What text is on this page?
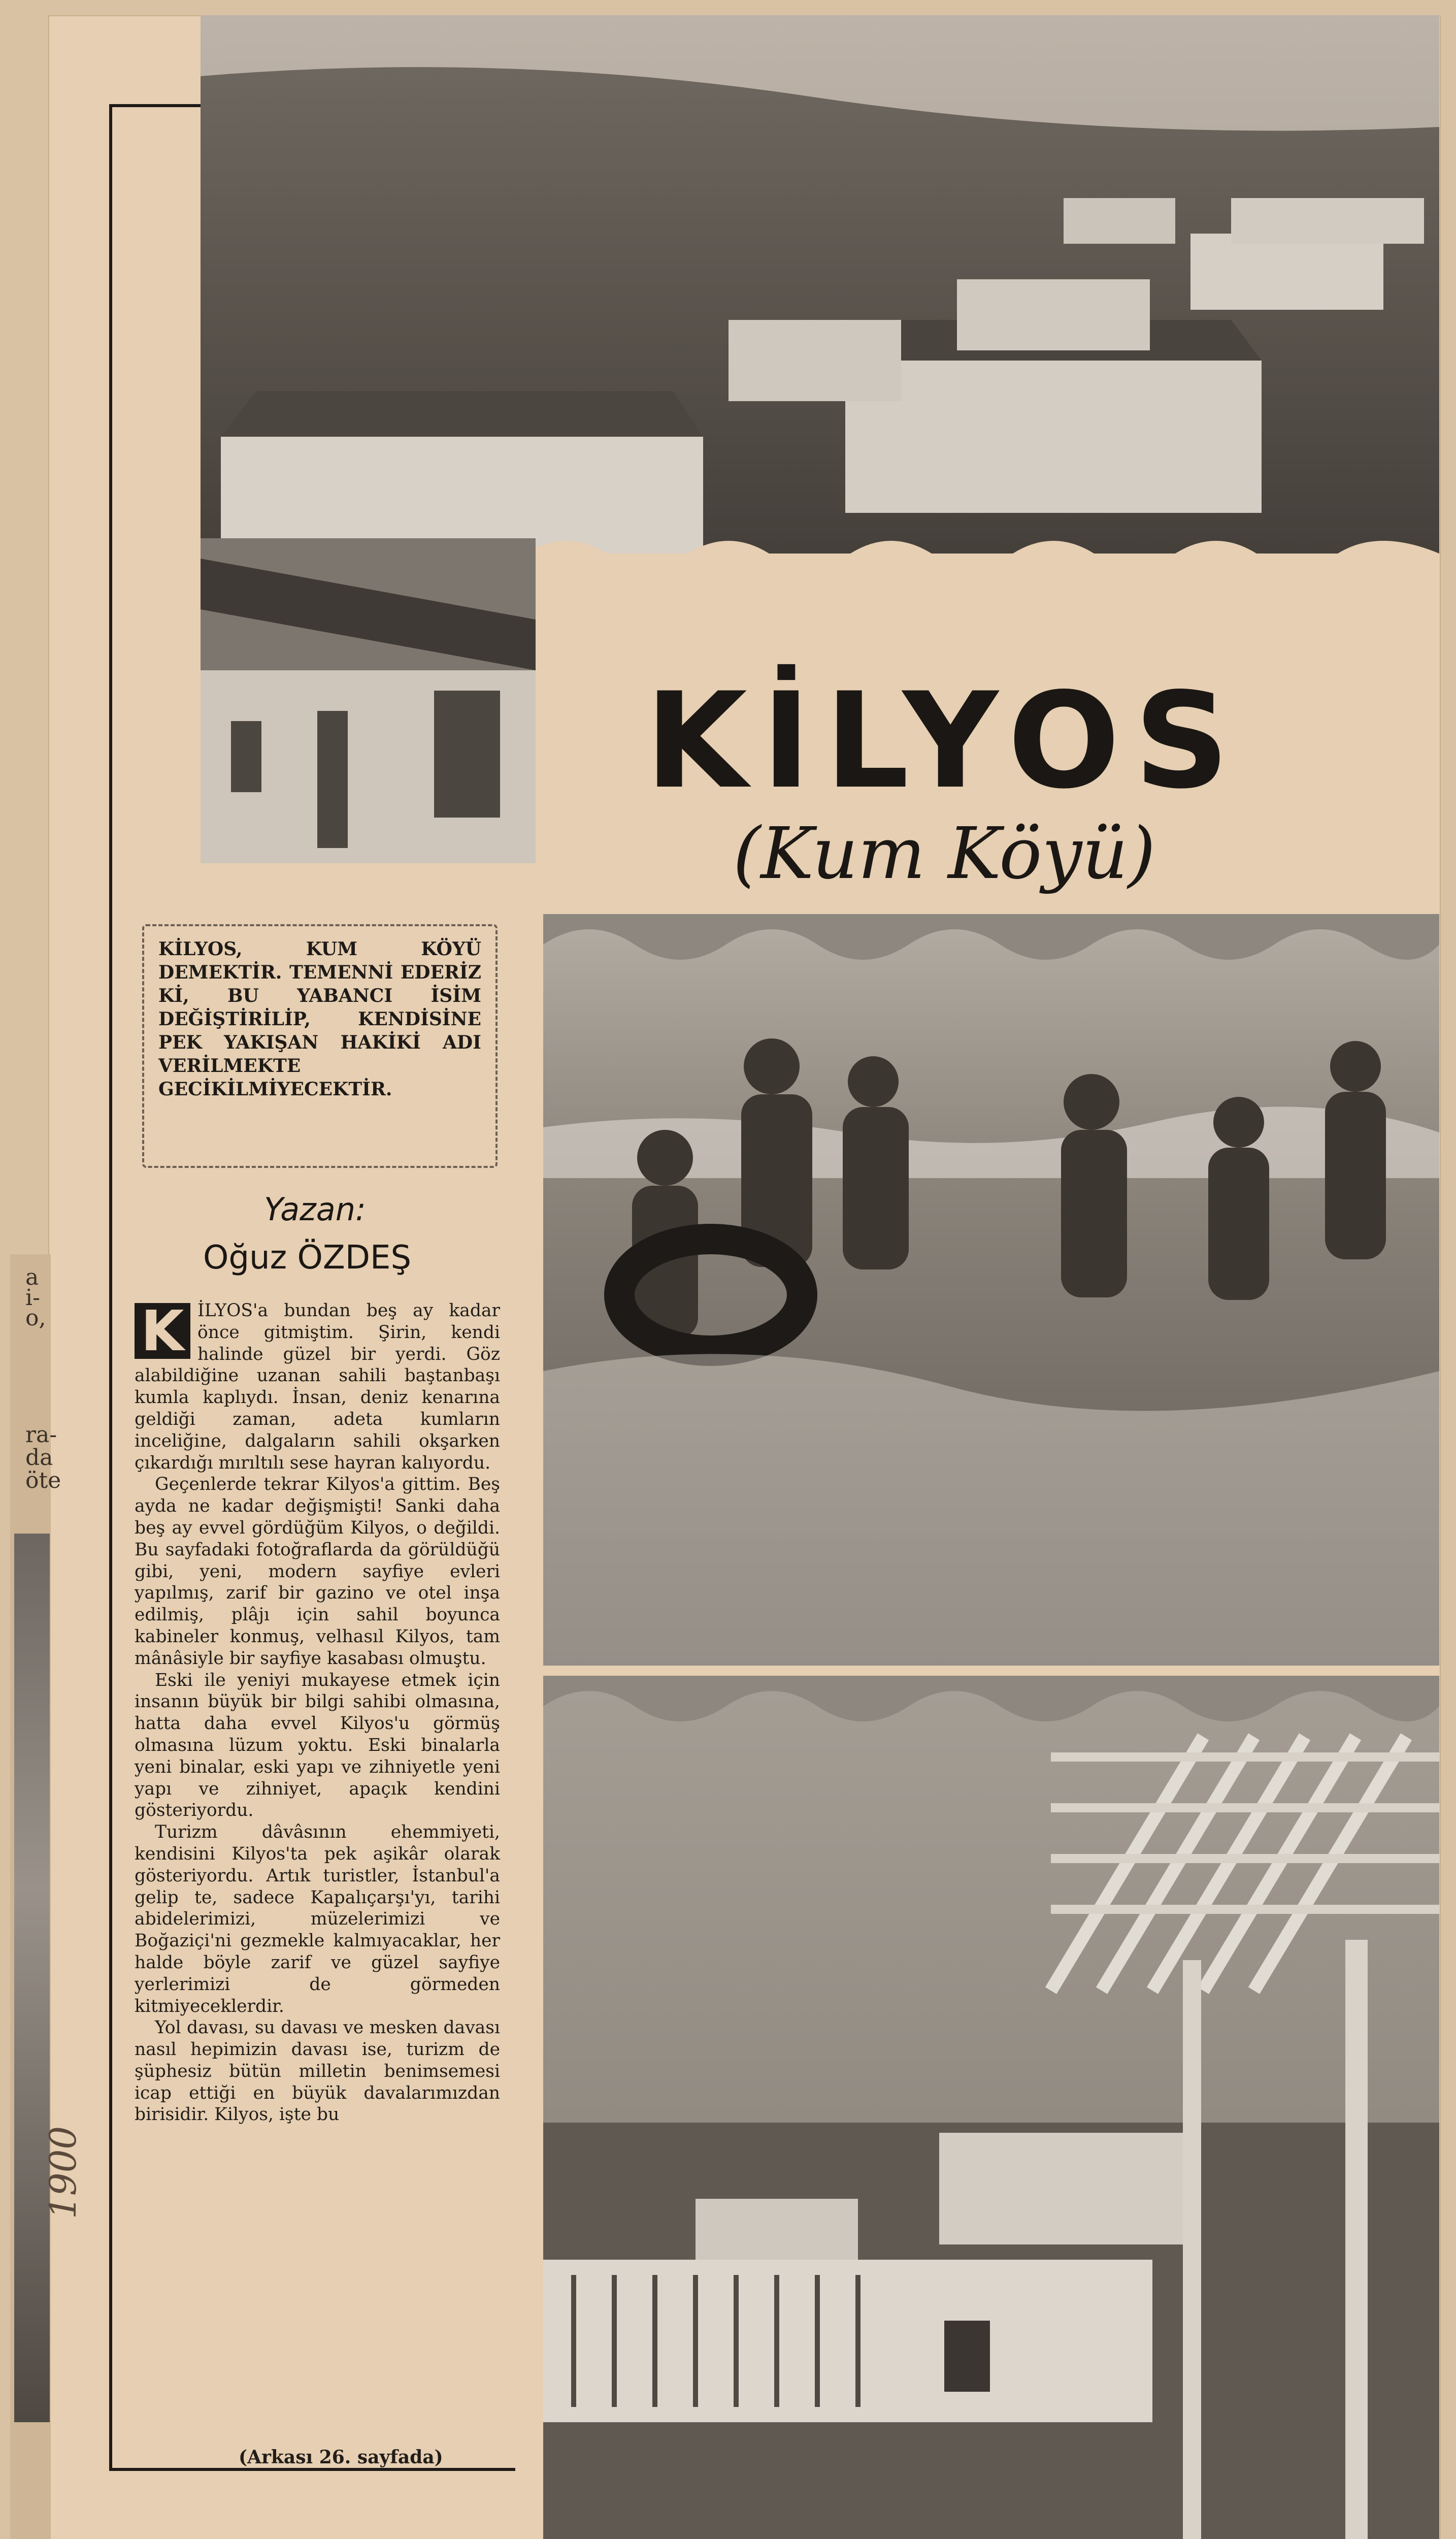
a
i-
o,
ra-
da
öte
KİLYOS
(Kum Köyü)
KİLYOS, KUM KÖYÜ DEMEKTİR. TEMENNİ EDERİZ Kİ, BU YABANCI İSİM DEĞİŞTİRİLİP, KENDİSİNE PEK YAKIŞAN HAKİKİ ADI VERİLMEKTE GECİKİLMİYECEKTİR.
Yazan:
Oğuz ÖZDEŞ

K İLYOS'a bundan beş ay kadar önce gitmiştim. Şirin, kendi halinde güzel bir yerdi. Göz alabildiğine uzanan sahili baştanbaşı kumla kaplıydı. İnsan, deniz kenarına geldiği zaman, adeta kumların inceliğine, dalgaların sahili okşarken çıkardığı mırıltılı sese hayran kalıyordu.

Geçenlerde tekrar Kilyos'a gittim. Beş ayda ne kadar değişmişti! Sanki daha beş ay evvel gördüğüm Kilyos, o değildi. Bu sayfadaki fotoğraflarda da görüldüğü gibi, yeni, modern sayfiye evleri yapılmış, zarif bir gazino ve otel inşa edilmiş, plâjı için sahil boyunca kabineler konmuş, velhasıl Kilyos, tam mânâsiyle bir sayfiye kasabası olmuştu.

Eski ile yeniyi mukayese etmek için insanın büyük bir bilgi sahibi olmasına, hatta daha evvel Kilyos'u görmüş olmasına lüzum yoktu. Eski binalarla yeni binalar, eski yapı ve zihniyetle yeni yapı ve zihniyet, apaçık kendini gösteriyordu.

Turizm dâvâsının ehemmiyeti, kendisini Kilyos'ta pek aşikâr olarak gösteriyordu. Artık turistler, İstanbul'a gelip te, sadece Kapalıçarşı'yı, tarihi abidelerimizi, müzelerimizi ve Boğaziçi'ni gezmekle kalmıyacaklar, her halde böyle zarif ve güzel sayfiye yerlerimizi de görmeden kitmiyeceklerdir.

Yol davası, su davası ve mesken davası nasıl hepimizin davası ise, turizm de şüphesiz bütün milletin benimsemesi icap ettiği en büyük davalarımızdan birisidir. Kilyos, işte bu

(Arkası 26. sayfada)
1900
